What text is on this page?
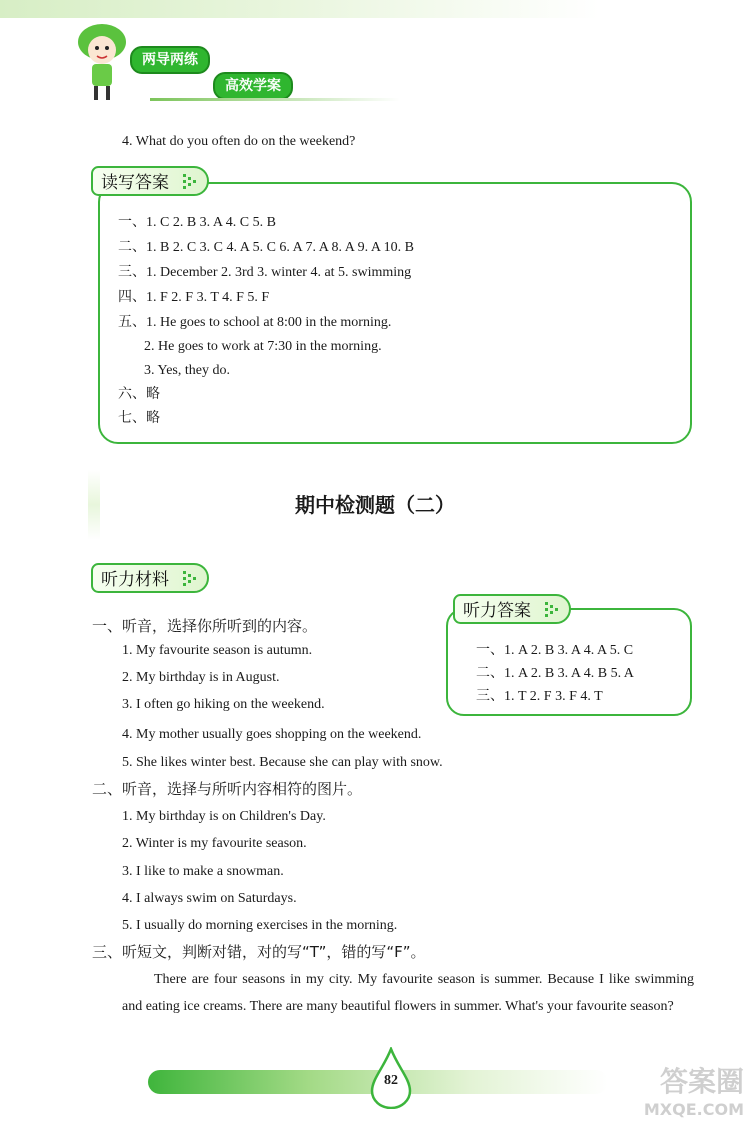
两导两练
高效学案
4. What do you often do on the weekend?
读写答案
一、1. C 2. B 3. A 4. C 5. B
二、1. B 2. C 3. C 4. A 5. C 6. A 7. A 8. A 9. A 10. B
三、1. December 2. 3rd 3. winter 4. at 5. swimming
四、1. F 2. F 3. T 4. F 5. F
五、1. He goes to school at 8:00 in the morning.
2. He goes to work at 7:30 in the morning.
3. Yes, they do.
六、略
七、略
期中检测题（二）
听力材料
听力答案
一、1. A 2. B 3. A 4. A 5. C
二、1. A 2. B 3. A 4. B 5. A
三、1. T 2. F 3. F 4. T
一、听音，选择你所听到的内容。
1. My favourite season is autumn.
2. My birthday is in August.
3. I often go hiking on the weekend.
4. My mother usually goes shopping on the weekend.
5. She likes winter best. Because she can play with snow.
二、听音，选择与所听内容相符的图片。
1. My birthday is on Children's Day.
2. Winter is my favourite season.
3. I like to make a snowman.
4. I always swim on Saturdays.
5. I usually do morning exercises in the morning.
三、听短文，判断对错，对的写“T”，错的写“F”。
There are four seasons in my city. My favourite season is summer. Because I like swimming and eating ice creams. There are many beautiful flowers in summer. What's your favourite season?
82	答案圈
MXQE.COM
